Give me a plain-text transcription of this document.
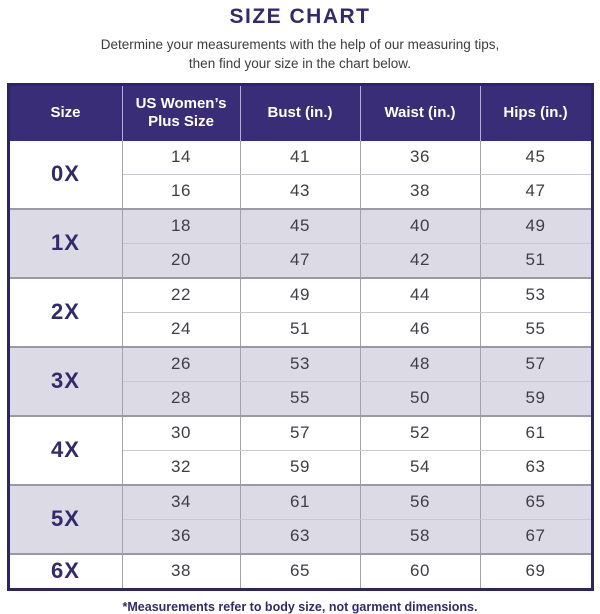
SIZE CHART
Determine your measurements with the help of our measuring tips,
then find your size in the chart below.
Size	US Women’s Plus Size	Bust (in.)	Waist (in.)	Hips (in.)
0X	14	41	36	45
	16	43	38	47
1X	18	45	40	49
	20	47	42	51
2X	22	49	44	53
	24	51	46	55
3X	26	53	48	57
	28	55	50	59
4X	30	57	52	61
	32	59	54	63
5X	34	61	56	65
	36	63	58	67
6X	38	65	60	69
*Measurements refer to body size, not garment dimensions.
